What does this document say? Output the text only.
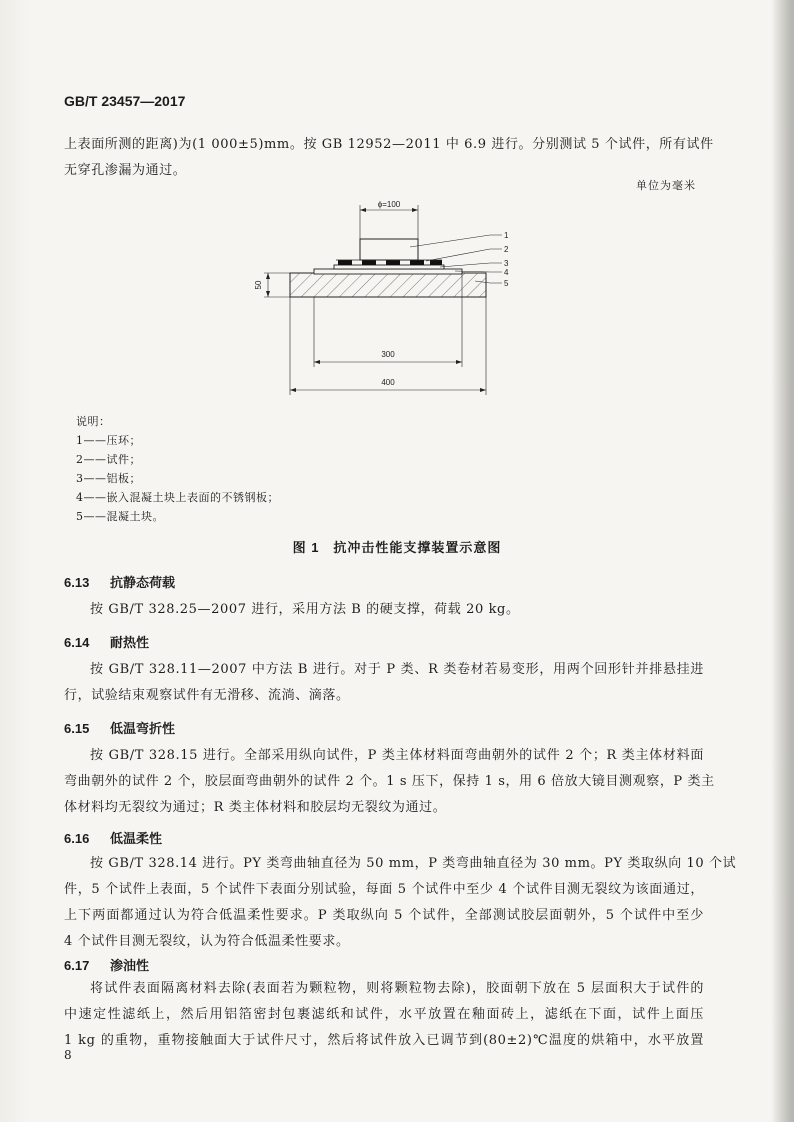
GB/T 23457—2017
上表面所测的距离)为(1 000±5)mm。按 GB 12952—2011 中 6.9 进行。分别测试 5 个试件，所有试件
无穿孔渗漏为通过。
单位为毫米
ϕ=100
50
300
400
1
2
3
4
5
说明：
1——压环；
2——试件；
3——铝板；
4——嵌入混凝土块上表面的不锈钢板；
5——混凝土块。
图 1　抗冲击性能支撑装置示意图
6.13 抗静态荷载
按 GB/T 328.25—2007 进行，采用方法 B 的硬支撑，荷载 20 kg。
6.14 耐热性
按 GB/T 328.11—2007 中方法 B 进行。对于 P 类、R 类卷材若易变形，用两个回形针并排悬挂进
行，试验结束观察试件有无滑移、流淌、滴落。
6.15 低温弯折性
按 GB/T 328.15 进行。全部采用纵向试件，P 类主体材料面弯曲朝外的试件 2 个；R 类主体材料面
弯曲朝外的试件 2 个，胶层面弯曲朝外的试件 2 个。1 s 压下，保持 1 s，用 6 倍放大镜目测观察，P 类主
体材料均无裂纹为通过；R 类主体材料和胶层均无裂纹为通过。
6.16 低温柔性
按 GB/T 328.14 进行。PY 类弯曲轴直径为 50 mm，P 类弯曲轴直径为 30 mm。PY 类取纵向 10 个试
件，5 个试件上表面，5 个试件下表面分别试验，每面 5 个试件中至少 4 个试件目测无裂纹为该面通过，
上下两面都通过认为符合低温柔性要求。P 类取纵向 5 个试件，全部测试胶层面朝外，5 个试件中至少
4 个试件目测无裂纹，认为符合低温柔性要求。
6.17 渗油性
将试件表面隔离材料去除(表面若为颗粒物，则将颗粒物去除)，胶面朝下放在 5 层面积大于试件的
中速定性滤纸上，然后用铝箔密封包裹滤纸和试件，水平放置在釉面砖上，滤纸在下面，试件上面压
1 kg 的重物，重物接触面大于试件尺寸，然后将试件放入已调节到(80±2)℃温度的烘箱中，水平放置
8
